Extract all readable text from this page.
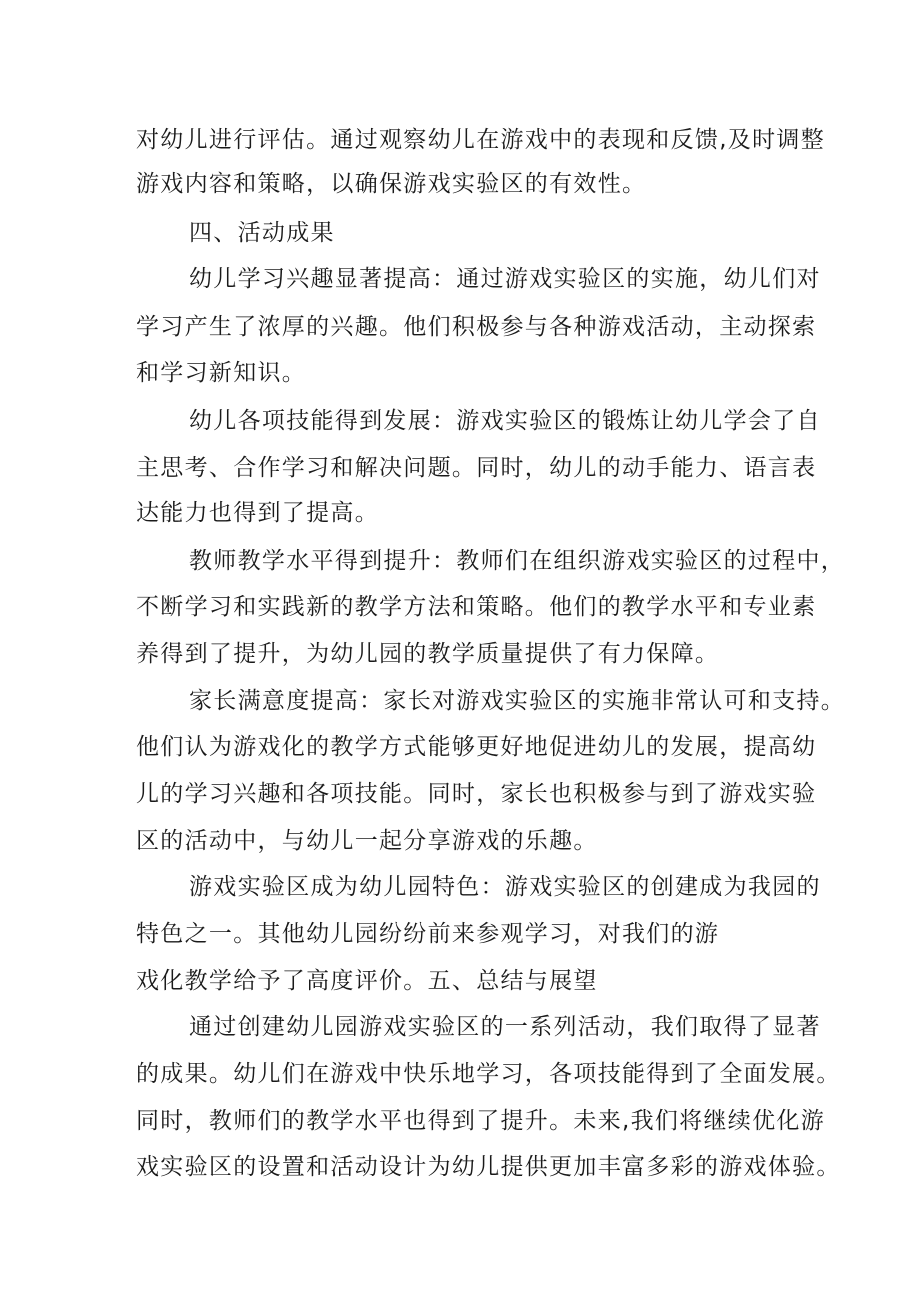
对幼儿进行评估。通过观察幼儿在游戏中的表现和反馈,及时调整
游戏内容和策略，以确保游戏实验区的有效性。
四、活动成果
幼儿学习兴趣显著提高：通过游戏实验区的实施，幼儿们对
学习产生了浓厚的兴趣。他们积极参与各种游戏活动，主动探索
和学习新知识。
幼儿各项技能得到发展：游戏实验区的锻炼让幼儿学会了自
主思考、合作学习和解决问题。同时，幼儿的动手能力、语言表
达能力也得到了提高。
教师教学水平得到提升：教师们在组织游戏实验区的过程中，
不断学习和实践新的教学方法和策略。他们的教学水平和专业素
养得到了提升，为幼儿园的教学质量提供了有力保障。
家长满意度提高：家长对游戏实验区的实施非常认可和支持。
他们认为游戏化的教学方式能够更好地促进幼儿的发展，提高幼
儿的学习兴趣和各项技能。同时，家长也积极参与到了游戏实验
区的活动中，与幼儿一起分享游戏的乐趣。
游戏实验区成为幼儿园特色：游戏实验区的创建成为我园的
特色之一。其他幼儿园纷纷前来参观学习，对我们的游
戏化教学给予了高度评价。五、总结与展望
通过创建幼儿园游戏实验区的一系列活动，我们取得了显著
的成果。幼儿们在游戏中快乐地学习，各项技能得到了全面发展。
同时，教师们的教学水平也得到了提升。未来,我们将继续优化游
戏实验区的设置和活动设计为幼儿提供更加丰富多彩的游戏体验。
